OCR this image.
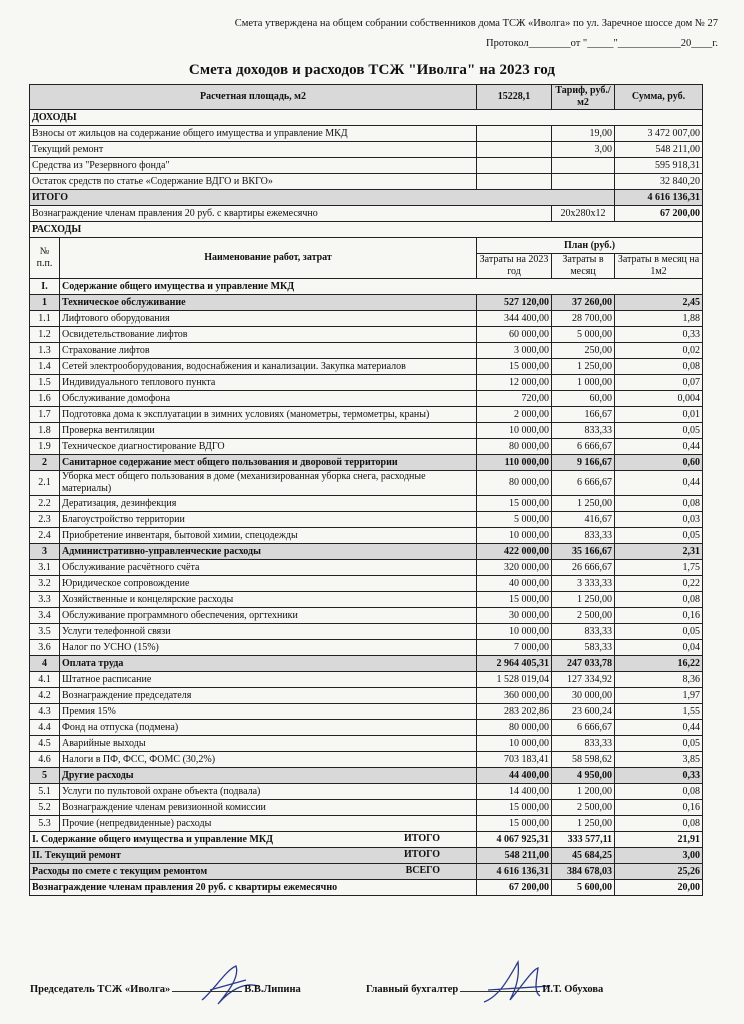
Смета утверждена на общем собрании собственников дома ТСЖ «Иволга» по ул. Заречное шоссе дом № 27
Протокол________от "_____"____________20____г.
Смета доходов и расходов ТСЖ "Иволга" на 2023 год
Расчетная площадь, м2		15228,1	Тариф, руб./м2	Сумма, руб.
ДОХОДЫ				
Взносы от жильцов на содержание общего имущества и управление МКД			19,00	3 472 007,00
Текущий ремонт			3,00	548 211,00
Средства из "Резервного фонда"				595 918,31
Остаток средств по статье «Содержание ВДГО и ВКГО»				32 840,20
ИТОГО				4 616 136,31
Вознаграждение членам правления 20 руб. с квартиры ежемесячно			20х280х12	67 200,00
РАСХОДЫ				
№ п.п.	Наименование работ, затрат	План (руб.)		
		Затраты на 2023 год	Затраты в месяц	Затраты в месяц на 1м2
I.	Содержание общего имущества и управление МКД			
1	Техническое обслуживание	527 120,00	37 260,00	2,45
1.1	Лифтового оборудования	344 400,00	28 700,00	1,88
1.2	Освидетельствование лифтов	60 000,00	5 000,00	0,33
1.3	Страхование лифтов	3 000,00	250,00	0,02
1.4	Сетей электрооборудования, водоснабжения и канализации. Закупка материалов	15 000,00	1 250,00	0,08
1.5	Индивидуального теплового пункта	12 000,00	1 000,00	0,07
1.6	Обслуживание домофона	720,00	60,00	0,004
1.7	Подготовка дома к эксплуатации в зимних условиях (манометры, термометры, краны)	2 000,00	166,67	0,01
1.8	Проверка вентиляции	10 000,00	833,33	0,05
1.9	Техническое диагностирование ВДГО	80 000,00	6 666,67	0,44
2	Санитарное содержание мест общего пользования и дворовой территории	110 000,00	9 166,67	0,60
2.1	Уборка мест общего пользования в доме (механизированная уборка снега, расходные материалы)	80 000,00	6 666,67	0,44
2.2	Дератизация, дезинфекция	15 000,00	1 250,00	0,08
2.3	Благоустройство территории	5 000,00	416,67	0,03
2.4	Приобретение инвентаря, бытовой химии, спецодежды	10 000,00	833,33	0,05
3	Административно-управленческие расходы	422 000,00	35 166,67	2,31
3.1	Обслуживание расчётного счёта	320 000,00	26 666,67	1,75
3.2	Юридическое сопровождение	40 000,00	3 333,33	0,22
3.3	Хозяйственные и концелярские расходы	15 000,00	1 250,00	0,08
3.4	Обслуживание программного обеспечения, оргтехники	30 000,00	2 500,00	0,16
3.5	Услуги телефонной связи	10 000,00	833,33	0,05
3.6	Налог по УСНО (15%)	7 000,00	583,33	0,04
4	Оплата труда	2 964 405,31	247 033,78	16,22
4.1	Штатное расписание	1 528 019,04	127 334,92	8,36
4.2	Вознаграждение председателя	360 000,00	30 000,00	1,97
4.3	Премия 15%	283 202,86	23 600,24	1,55
4.4	Фонд на отпуска (подмена)	80 000,00	6 666,67	0,44
4.5	Аварийные выходы	10 000,00	833,33	0,05
4.6	Налоги в ПФ, ФСС, ФОМС (30,2%)	703 183,41	58 598,62	3,85
5	Другие расходы	44 400,00	4 950,00	0,33
5.1	Услуги по пультовой охране объекта (подвала)	14 400,00	1 200,00	0,08
5.2	Вознаграждение членам ревизионной комиссии	15 000,00	2 500,00	0,16
5.3	Прочие (непредвиденные) расходы	15 000,00	1 250,00	0,08
I. Содержание общего имущества и управление МКД ИТОГО		4 067 925,31	333 577,11	21,91
II. Текущий ремонт ИТОГО		548 211,00	45 684,25	3,00
Расходы по смете с текущим ремонтом ВСЕГО		4 616 136,31	384 678,03	25,26
Вознаграждение членам правления 20 руб. с квартиры ежемесячно		67 200,00	5 600,00	20,00
Председатель ТСЖ «Иволга»	В.В.Липина	Главный бухгалтер	И.Т. Обухова
